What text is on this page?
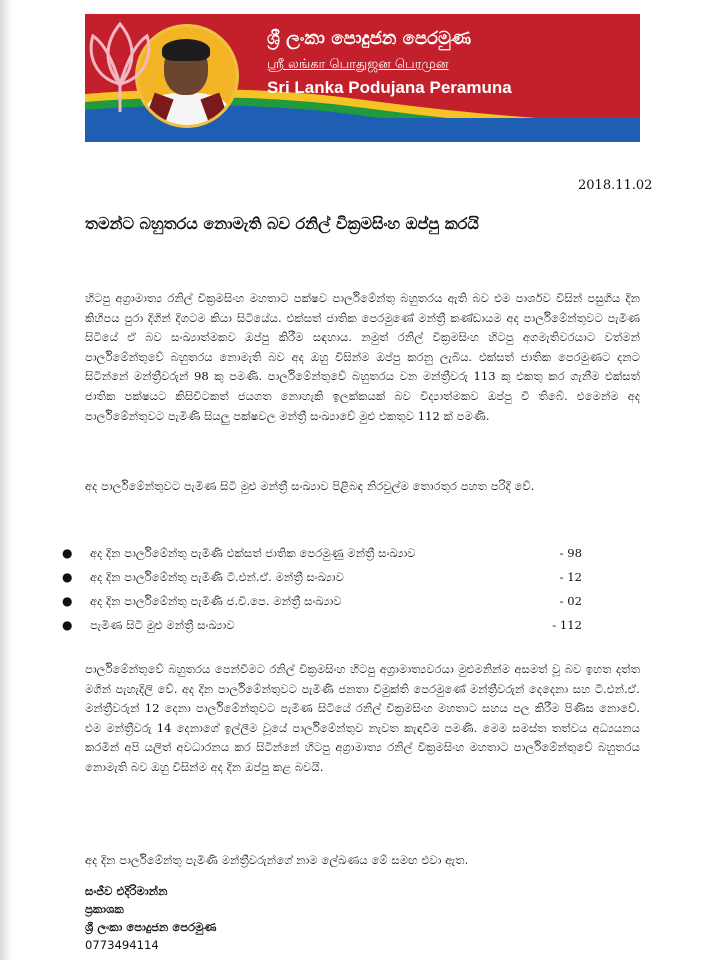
ශ්‍රී ලංකා පොදුජන පෙරමුණ
ஸ்ரீ லங்கா பொதுஜன பெரமுன
Sri Lanka Podujana Peramuna
2018.11.02
තමන්ට බහුතරය නොමැති බව රනිල් වික්‍රමසිංහ ඔප්පු කරයි
හිටපු අග්‍රාමාත්‍ය රනිල් වික්‍රමසිංහ මහතාට පක්ෂව පාර්ලිමේන්තු බහුතරය ඇති බව එම පාර්ශව විසින් පසුගිය දින කිහිපය පුරා දිගින් දිගටම කියා සිටියේය. එක්සත් ජාතික පෙරමුණේ මන්ත්‍රී කණ්ඩායම අද පාර්ලිමේන්තුවට පැමිණ සිටියේ ඒ බව සංඛ්‍යාත්මකව ඔප්පු කිරීම සඳහාය. නමුත් රනිල් වික්‍රමසිංහ හිටපු අගමැතිවරයාට වත්මන් පාර්ලිමේන්තුවේ බහුතරය නොමැති බව අද ඔහු විසින්ම ඔප්පු කරනු ලැබිය. එක්සත් ජාතික පෙරමුණට දනට සිටින්නේ මන්ත්‍රීවරුන් 98 කු පමණි. පාර්ලිමේන්තුවේ බහුතරය වන මන්ත්‍රීවරු 113 කු එකතු කර ගැනීම එක්සත් ජාතික පක්ෂයට කිසිවිටකත් ජයගත නොහැකි ඉලක්කයක් බව විද්‍යාත්මකව ඔප්පු වී තිබේ. එමෙන්ම අද පාර්ලිමේන්තුවට පැමිණි සියලු පක්ෂවල මන්ත්‍රී සංඛ්‍යාවේ මුළු එකතුව 112 ක් පමණි.
අද පාර්ලිමේන්තුවට පැමිණ සිටි මුළු මන්ත්‍රී සංඛ්‍යාව පිළිබඳ නිරවුල්ම තොරතුර පහත පරිදි වේ.
● අද දින පාර්ලිමේන්තු පැමිණි එක්සත් ජාතික පෙරමුණු මන්ත්‍රී සංඛ්‍යාව	- 98
● අද දින පාර්ලිමේන්තු පැමිණි ටී.එන්.ඒ. මන්ත්‍රී සංඛ්‍යාව	- 12
● අද දින පාර්ලිමේන්තු පැමිණි ජ.වි.පෙ. මන්ත්‍රී සංඛ්‍යාව	- 02
● පැමිණ සිටි මුළු මන්ත්‍රී සංඛ්‍යාව	- 112
පාර්ලිමේන්තුවේ බහුතරය පෙන්වීමට රනිල් වික්‍රමසිංහ හිටපු අග්‍රාමාත්‍යවරයා මුළුමනින්ම අසමත් වූ බව ඉහත දත්ත මගින් පැහැදිලි වේ. අද දින පාර්ලිමේන්තුවට පැමිණි ජනතා විමුක්ති පෙරමුණේ මන්ත්‍රීවරුන් දෙදෙනා සහ ටී.එන්.ඒ. මන්ත්‍රීවරුන් 12 දෙනා පාර්ලිමේන්තුවට පැමිණ සිටියේ රනිල් වික්‍රමසිංහ මහතාට සහය පල කිරීම පිණිස නොවේ. එම මන්ත්‍රීවරු 14 දෙනාගේ ඉල්ලීම වූයේ පාර්ලිමේන්තුව නැවත කැඳවීම පමණි. මෙම සමස්ත තත්වය අධ්‍යයනය කරමින් අපි යලිත් අවධාරනය කර සිටින්නේ හිටපු අග්‍රාමාත්‍ය රනිල් වික්‍රමසිංහ මහතාට පාර්ලිමේන්තුවේ බහුතරය නොමැති බව ඔහු විසින්ම අද දින ඔප්පු කළ බවයි.
අද දින පාර්ලිමේන්තු පැමිණි මන්ත්‍රීවරුන්ගේ නාම ලේඛණය මේ සමඟ එවා ඇත.
සංජීව එදිරිමාන්න
ප්‍රකාශක
ශ්‍රී ලංකා පොදුජන පෙරමුණ
0773494114
